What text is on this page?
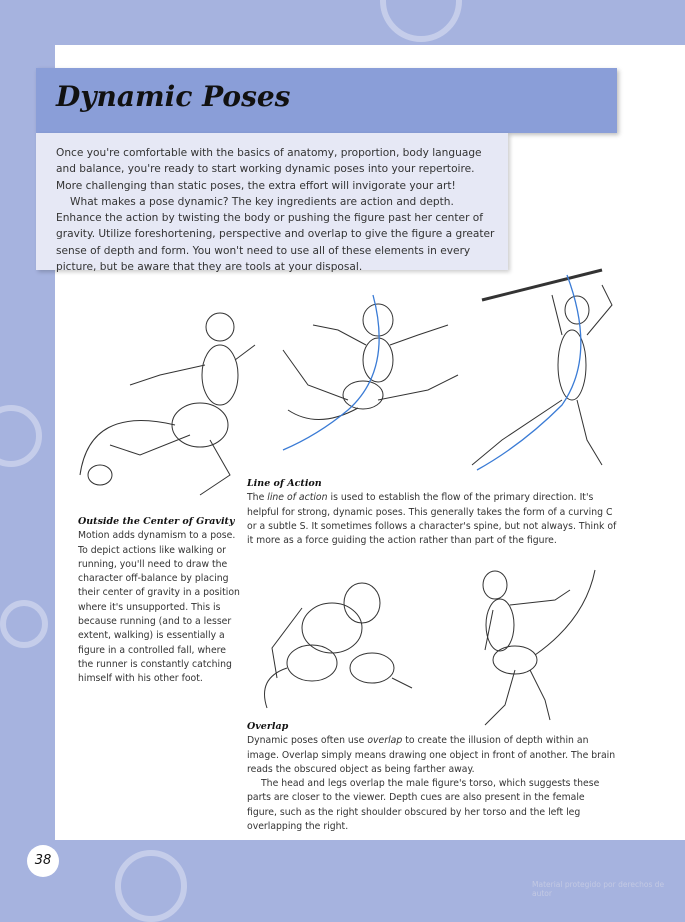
Dynamic Poses

Once you're comfortable with the basics of anatomy, proportion, body language and balance, you're ready to start working dynamic poses into your repertoire. More challenging than static poses, the extra effort will invigorate your art!
What makes a pose dynamic? The key ingredients are action and depth. Enhance the action by twisting the body or pushing the figure past her center of gravity. Utilize foreshortening, perspective and overlap to give the figure a greater sense of depth and form. You won't need to use all of these elements in every picture, but be aware that they are tools at your disposal.

Outside the Center of Gravity

Motion adds dynamism to a pose. To depict actions like walking or running, you'll need to draw the character off-balance by placing their center of gravity in a position where it's unsupported. This is because running (and to a lesser extent, walking) is essentially a figure in a controlled fall, where the runner is constantly catching himself with his other foot.

Line of Action

The line of action is used to establish the flow of the primary direction. It's helpful for strong, dynamic poses. This generally takes the form of a curving C or a subtle S. It sometimes follows a character's spine, but not always. Think of it more as a force guiding the action rather than part of the figure.

Overlap

Dynamic poses often use overlap to create the illusion of depth within an image. Overlap simply means drawing one object in front of another. The brain reads the obscured object as being farther away.

The head and legs overlap the male figure's torso, which suggests these parts are closer to the viewer. Depth cues are also present in the female figure, such as the right shoulder obscured by her torso and the left leg overlapping the right.

38
Material protegido por derechos de autor
